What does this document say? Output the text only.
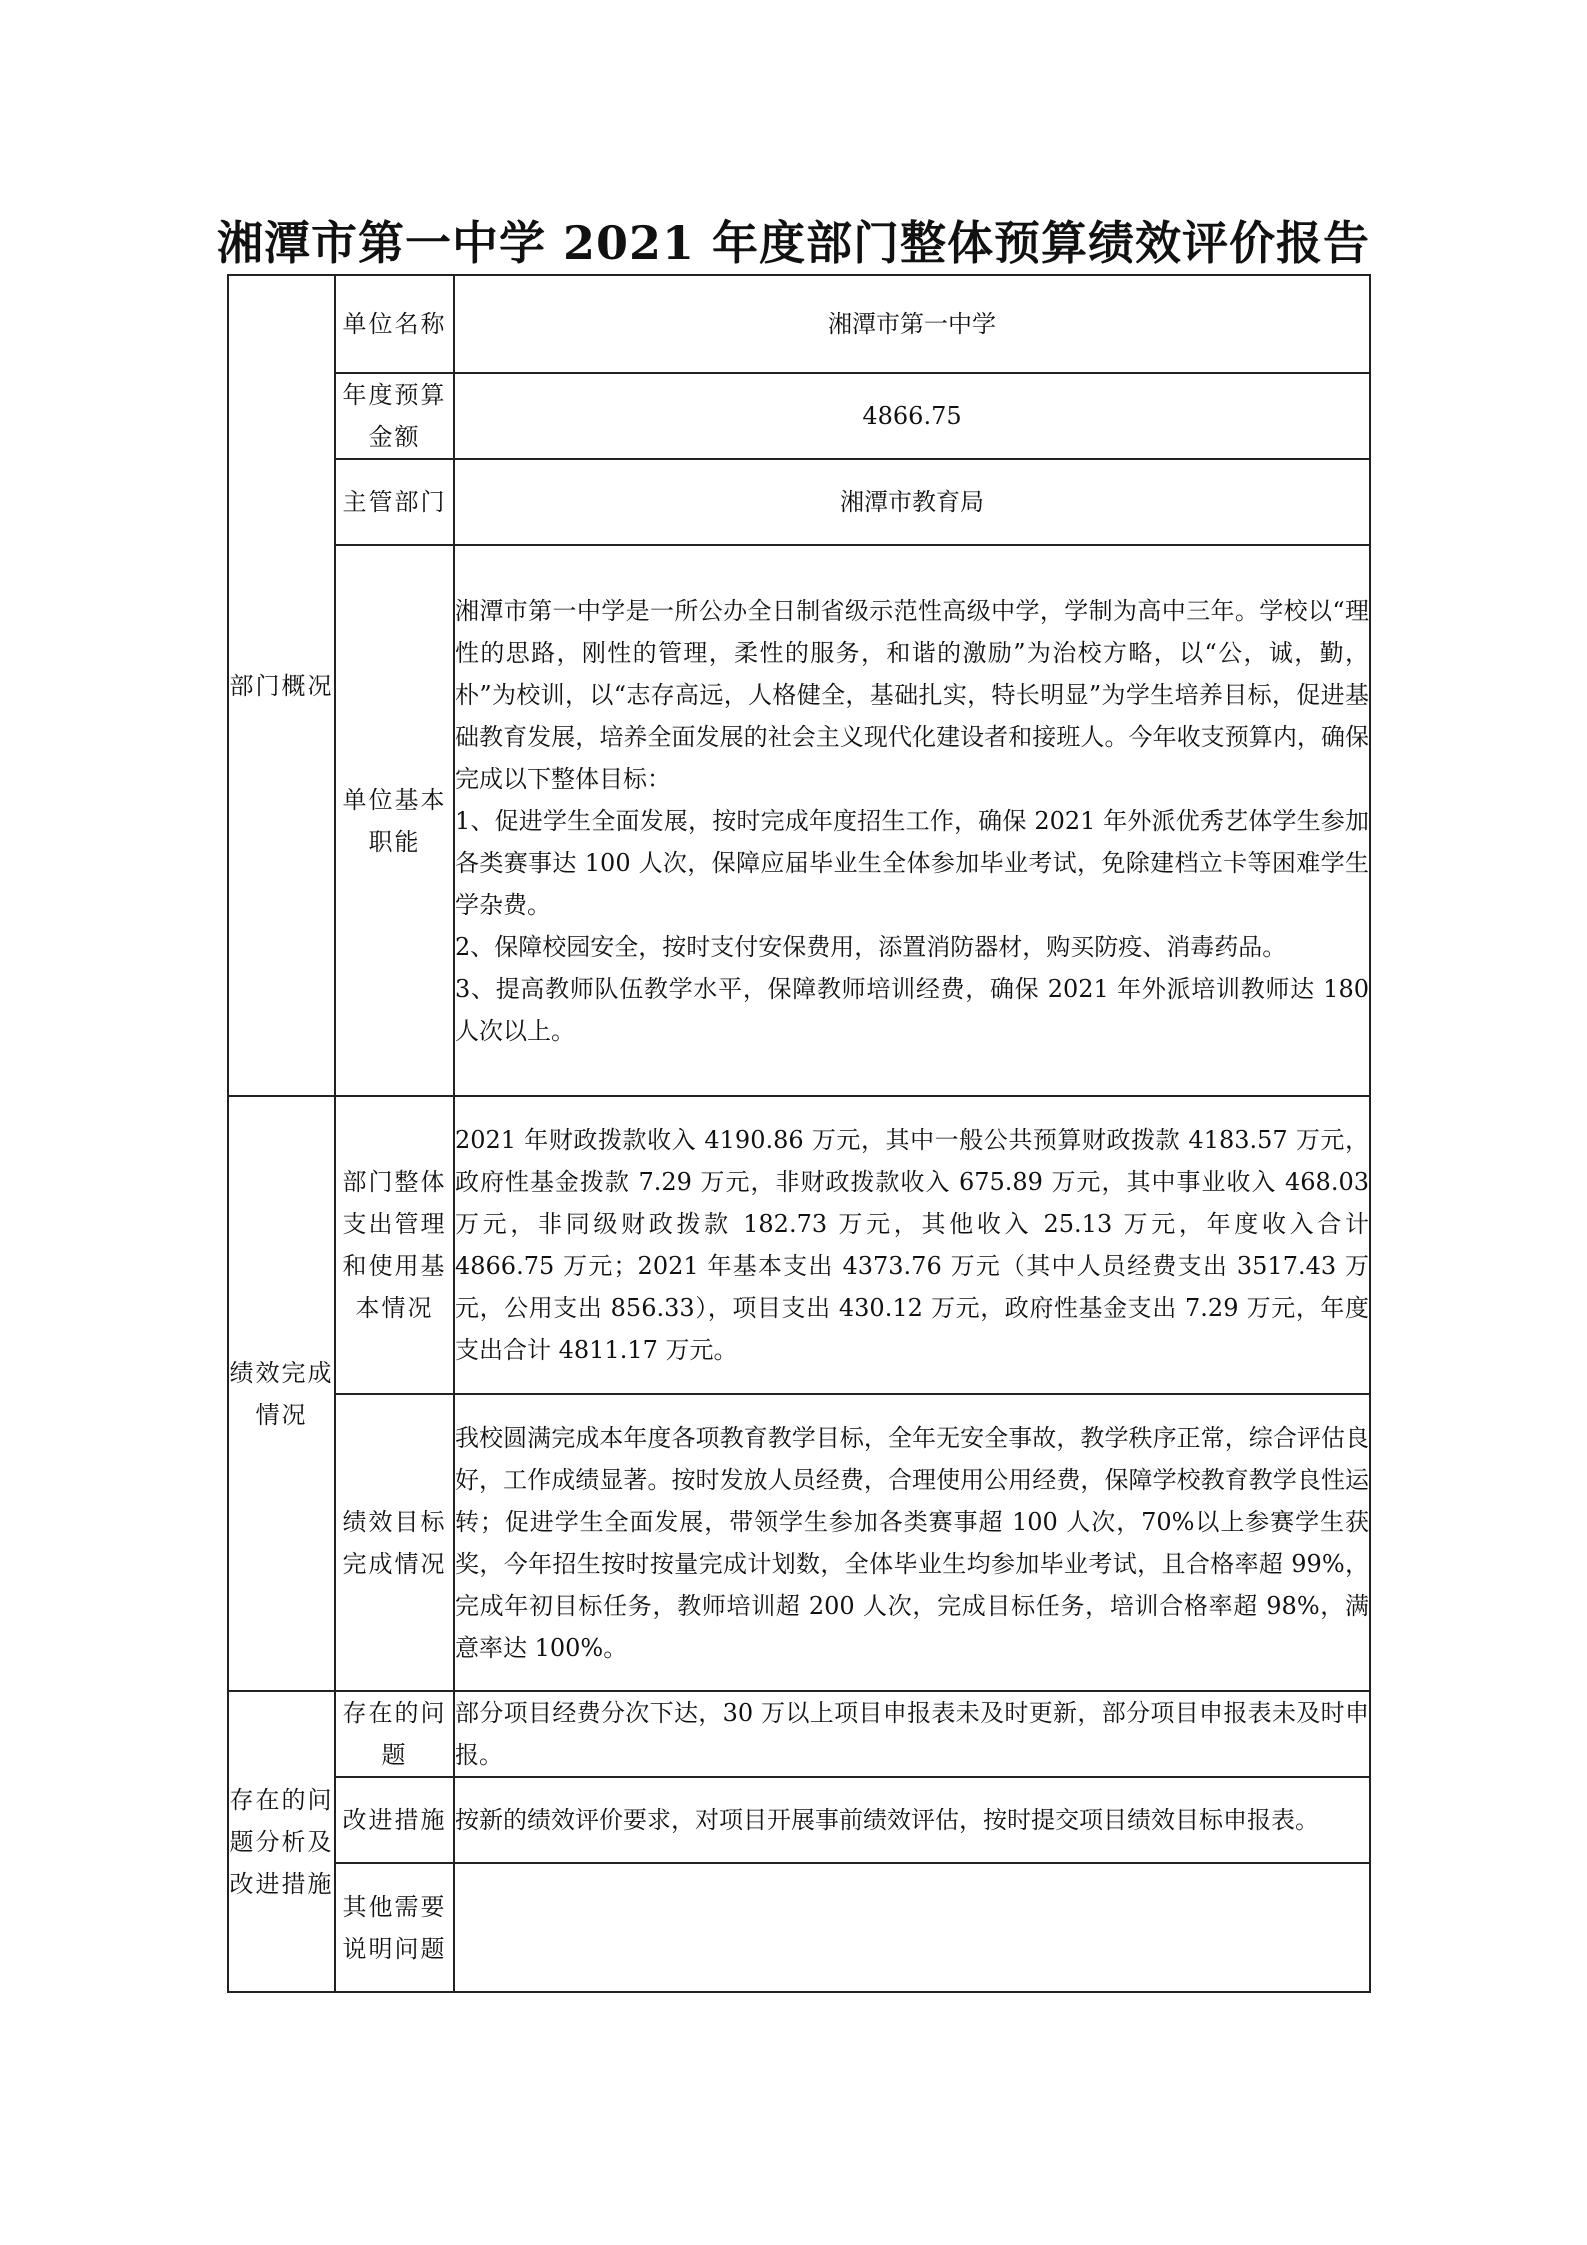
湘潭市第一中学 2021 年度部门整体预算绩效评价报告
部门概况	单位名称	湘潭市第一中学
	年度预算金额	4866.75
	主管部门	湘潭市教育局
	单位基本职能	湘潭市第一中学是一所公办全日制省级示范性高级中学，学制为高中三年。学校以“理性的思路，刚性的管理，柔性的服务，和谐的激励”为治校方略，以“公，诚，勤，朴”为校训，以“志存高远，人格健全，基础扎实，特长明显”为学生培养目标，促进基础教育发展，培养全面发展的社会主义现代化建设者和接班人。今年收支预算内，确保完成以下整体目标：
1、促进学生全面发展，按时完成年度招生工作，确保 2021 年外派优秀艺体学生参加各类赛事达 100 人次，保障应届毕业生全体参加毕业考试，免除建档立卡等困难学生学杂费。
2、保障校园安全，按时支付安保费用，添置消防器材，购买防疫、消毒药品。
3、提高教师队伍教学水平，保障教师培训经费，确保 2021 年外派培训教师达 180 人次以上。

绩效完成情况	部门整体支出管理和使用基本情况	2021 年财政拨款收入 4190.86 万元，其中一般公共预算财政拨款 4183.57 万元，政府性基金拨款 7.29 万元，非财政拨款收入 675.89 万元，其中事业收入 468.03 万元，非同级财政拨款 182.73 万元，其他收入 25.13 万元，年度收入合计 4866.75 万元；2021 年基本支出 4373.76 万元（其中人员经费支出 3517.43 万元，公用支出 856.33），项目支出 430.12 万元，政府性基金支出 7.29 万元，年度支出合计 4811.17 万元。
	绩效目标完成情况	我校圆满完成本年度各项教育教学目标，全年无安全事故，教学秩序正常，综合评估良好，工作成绩显著。按时发放人员经费，合理使用公用经费，保障学校教育教学良性运转；促进学生全面发展，带领学生参加各类赛事超 100 人次，70%以上参赛学生获奖，今年招生按时按量完成计划数，全体毕业生均参加毕业考试，且合格率超 99%，完成年初目标任务，教师培训超 200 人次，完成目标任务，培训合格率超 98%，满意率达 100%。
存在的问题分析及改进措施	存在的问题	部分项目经费分次下达，30 万以上项目申报表未及时更新，部分项目申报表未及时申报。
	改进措施	按新的绩效评价要求，对项目开展事前绩效评估，按时提交项目绩效目标申报表。
	其他需要说明问题	
